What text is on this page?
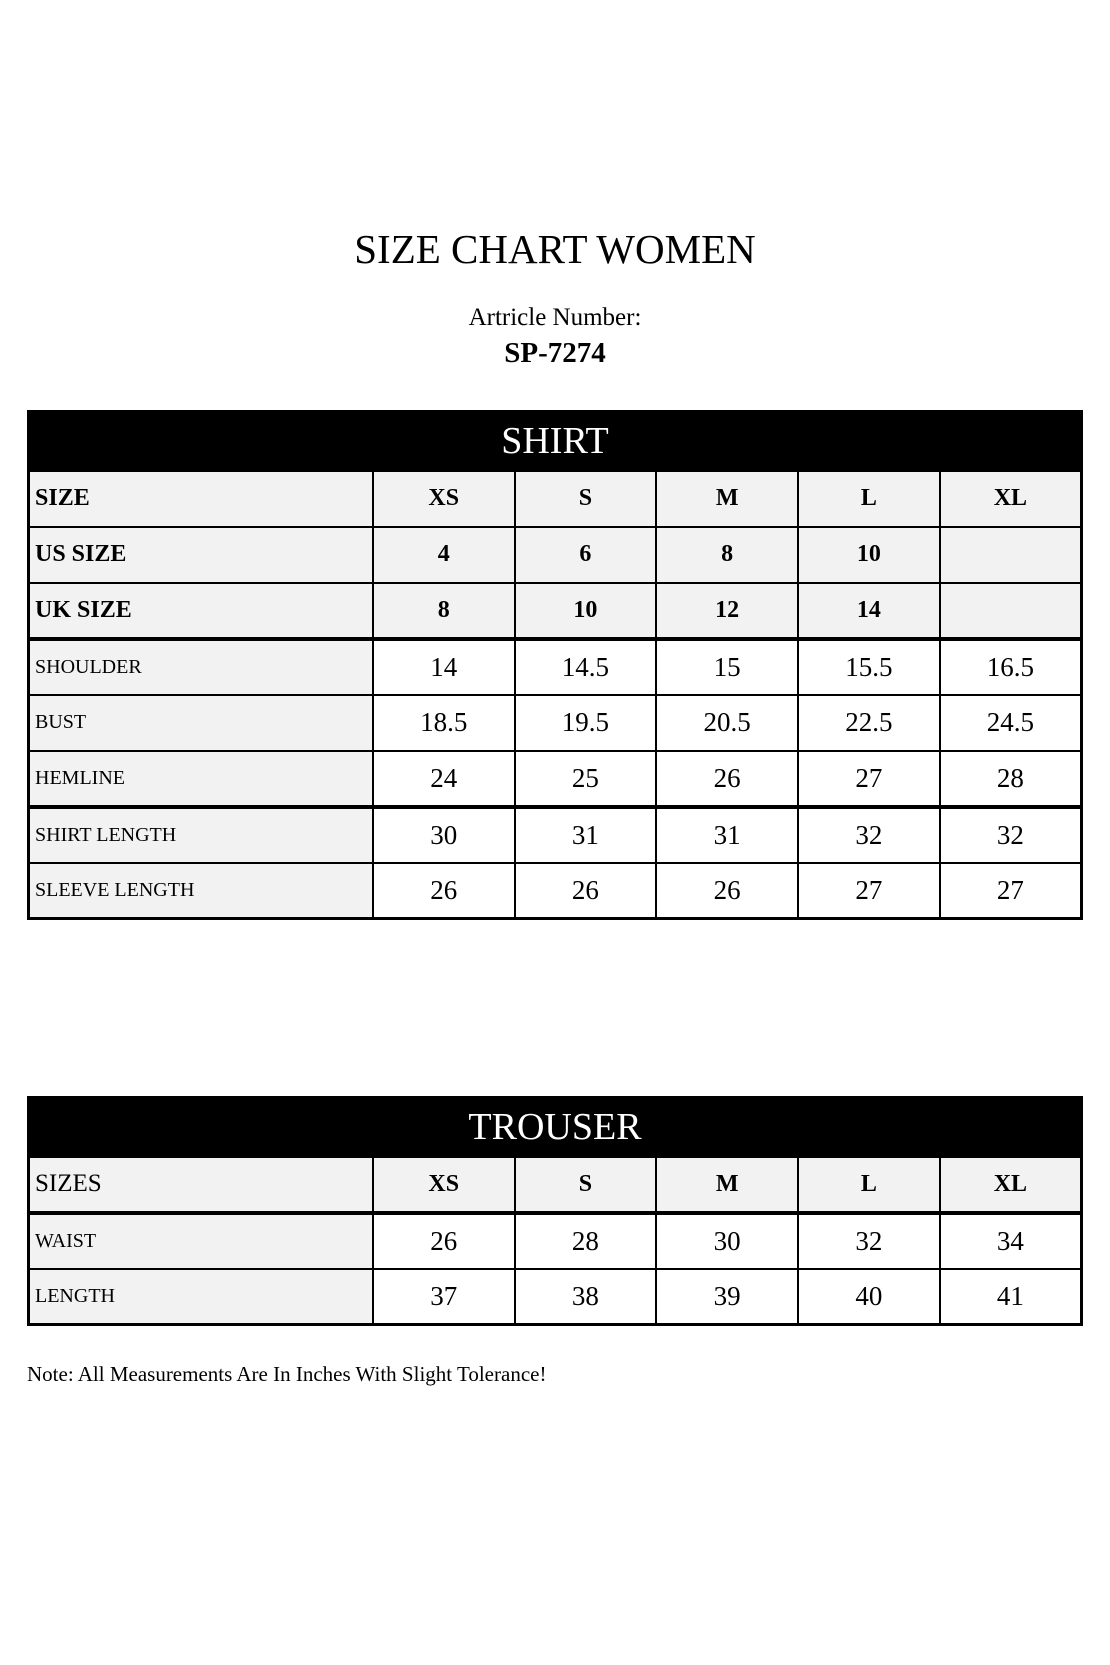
SIZE CHART WOMEN
Artricle Number:
SP-7274
SHIRT					
SIZE	XS	S	M	L	XL
US SIZE	4	6	8	10	
UK SIZE	8	10	12	14	
SHOULDER	14	14.5	15	15.5	16.5
BUST	18.5	19.5	20.5	22.5	24.5
HEMLINE	24	25	26	27	28
SHIRT LENGTH	30	31	31	32	32
SLEEVE LENGTH	26	26	26	27	27
TROUSER					
SIZES	XS	S	M	L	XL
WAIST	26	28	30	32	34
LENGTH	37	38	39	40	41
Note: All Measurements Are In Inches With Slight Tolerance!
